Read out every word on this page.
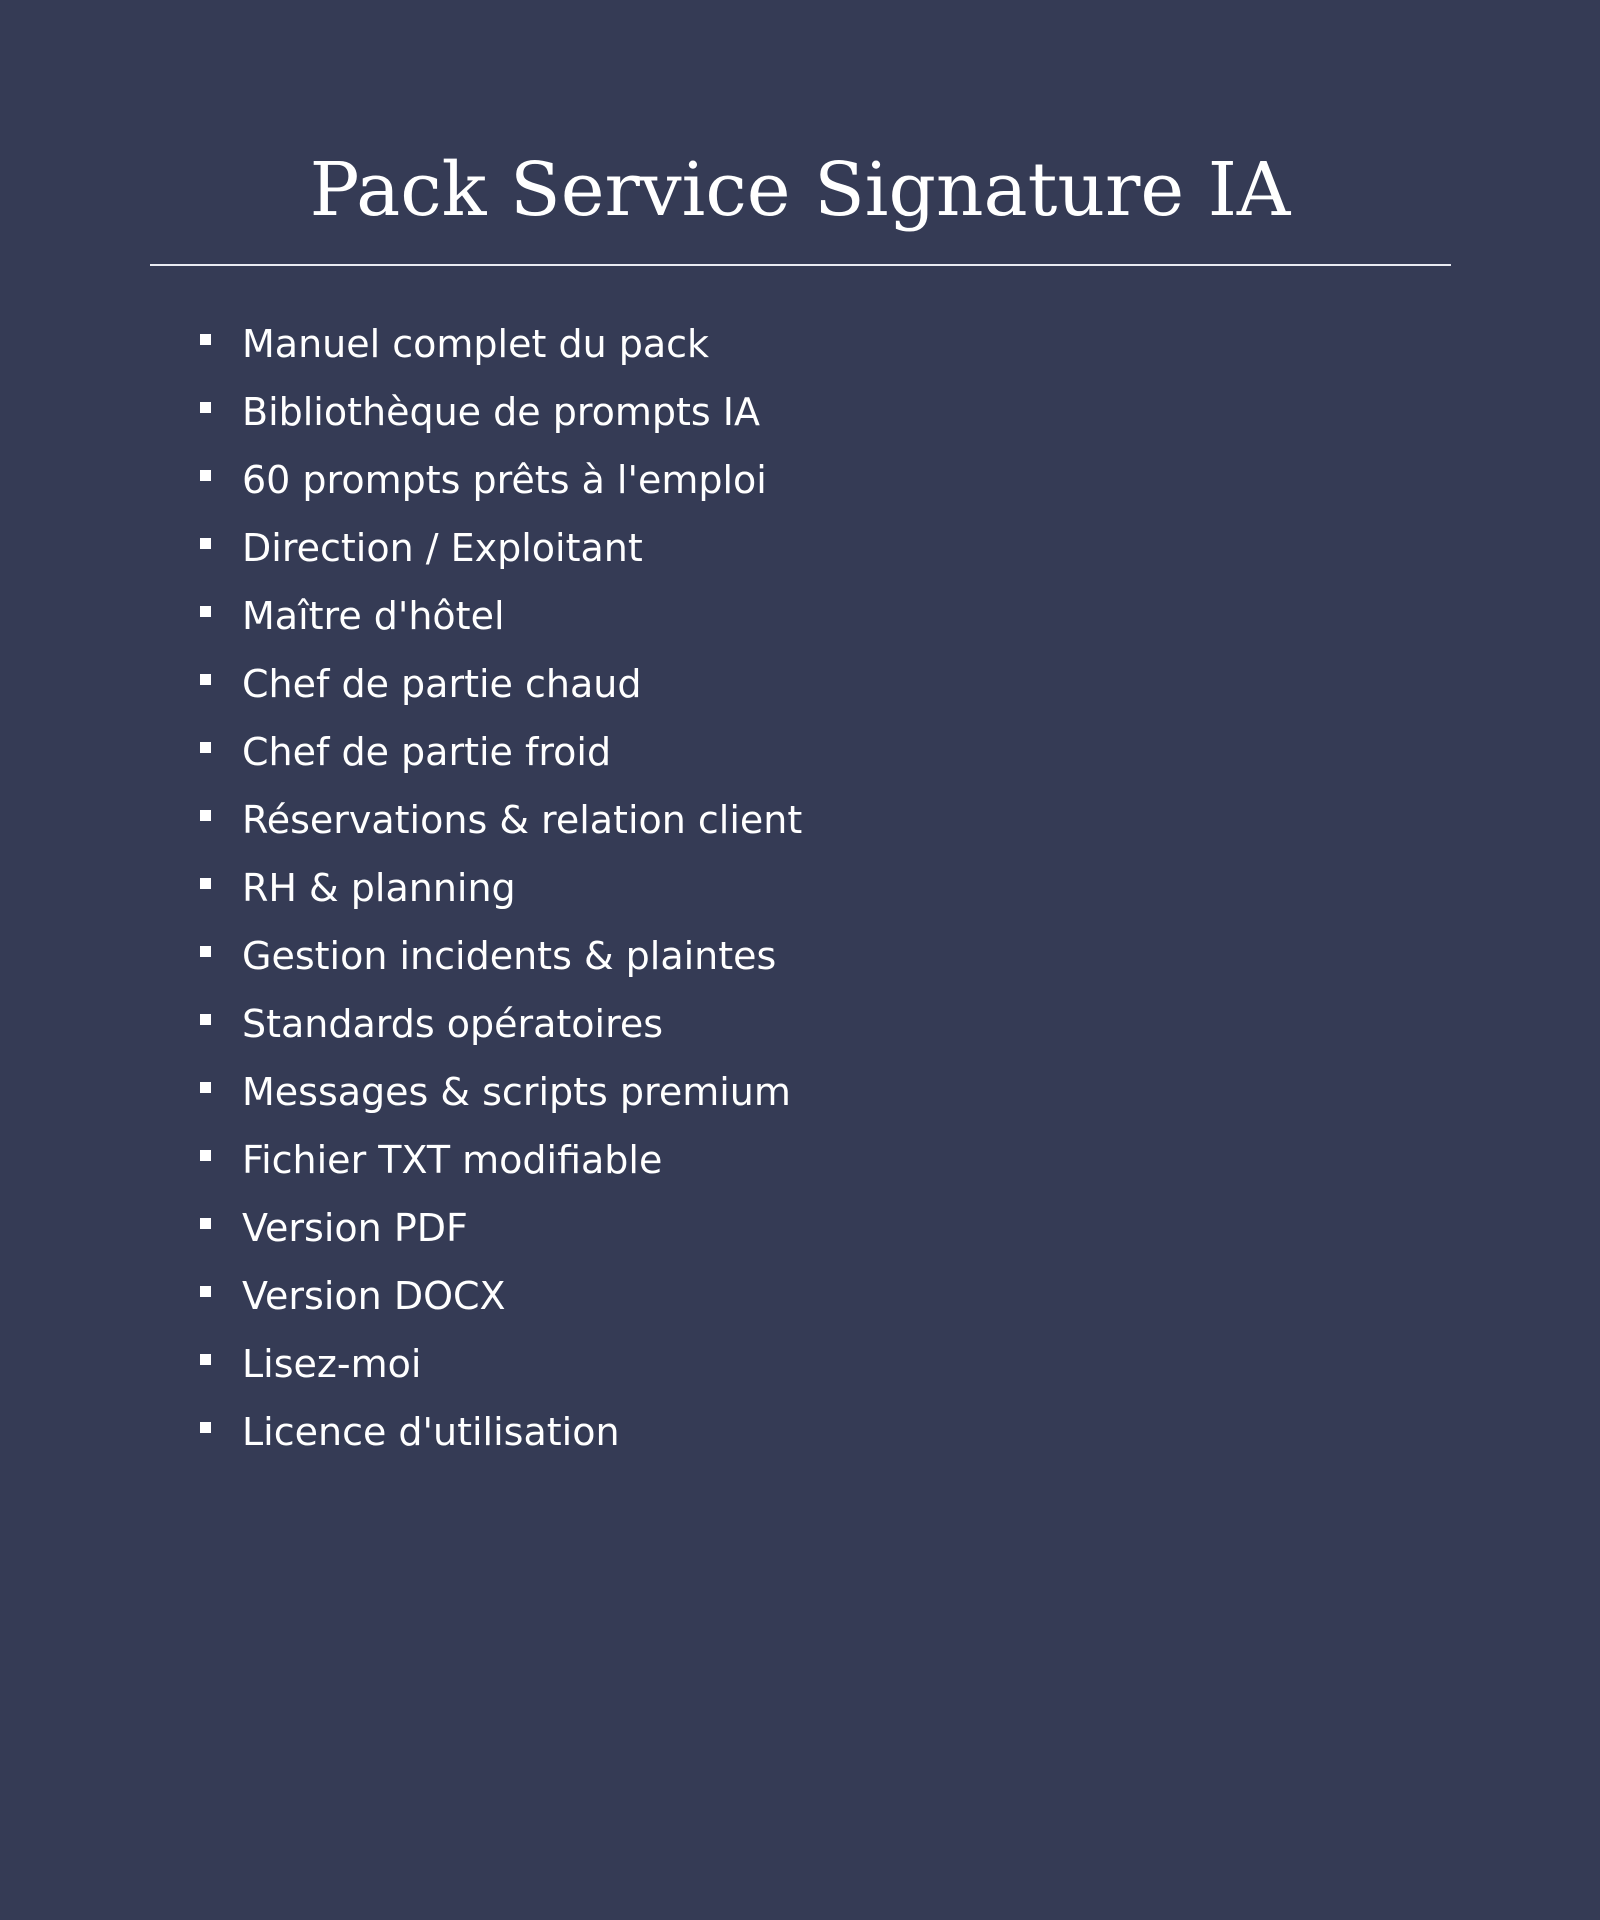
Pack Service Signature IA
Manuel complet du pack
Bibliothèque de prompts IA
60 prompts prêts à l'emploi
Direction / Exploitant
Maître d'hôtel
Chef de partie chaud
Chef de partie froid
Réservations & relation client
RH & planning
Gestion incidents & plaintes
Standards opératoires
Messages & scripts premium
Fichier TXT modifiable
Version PDF
Version DOCX
Lisez-moi
Licence d'utilisation
